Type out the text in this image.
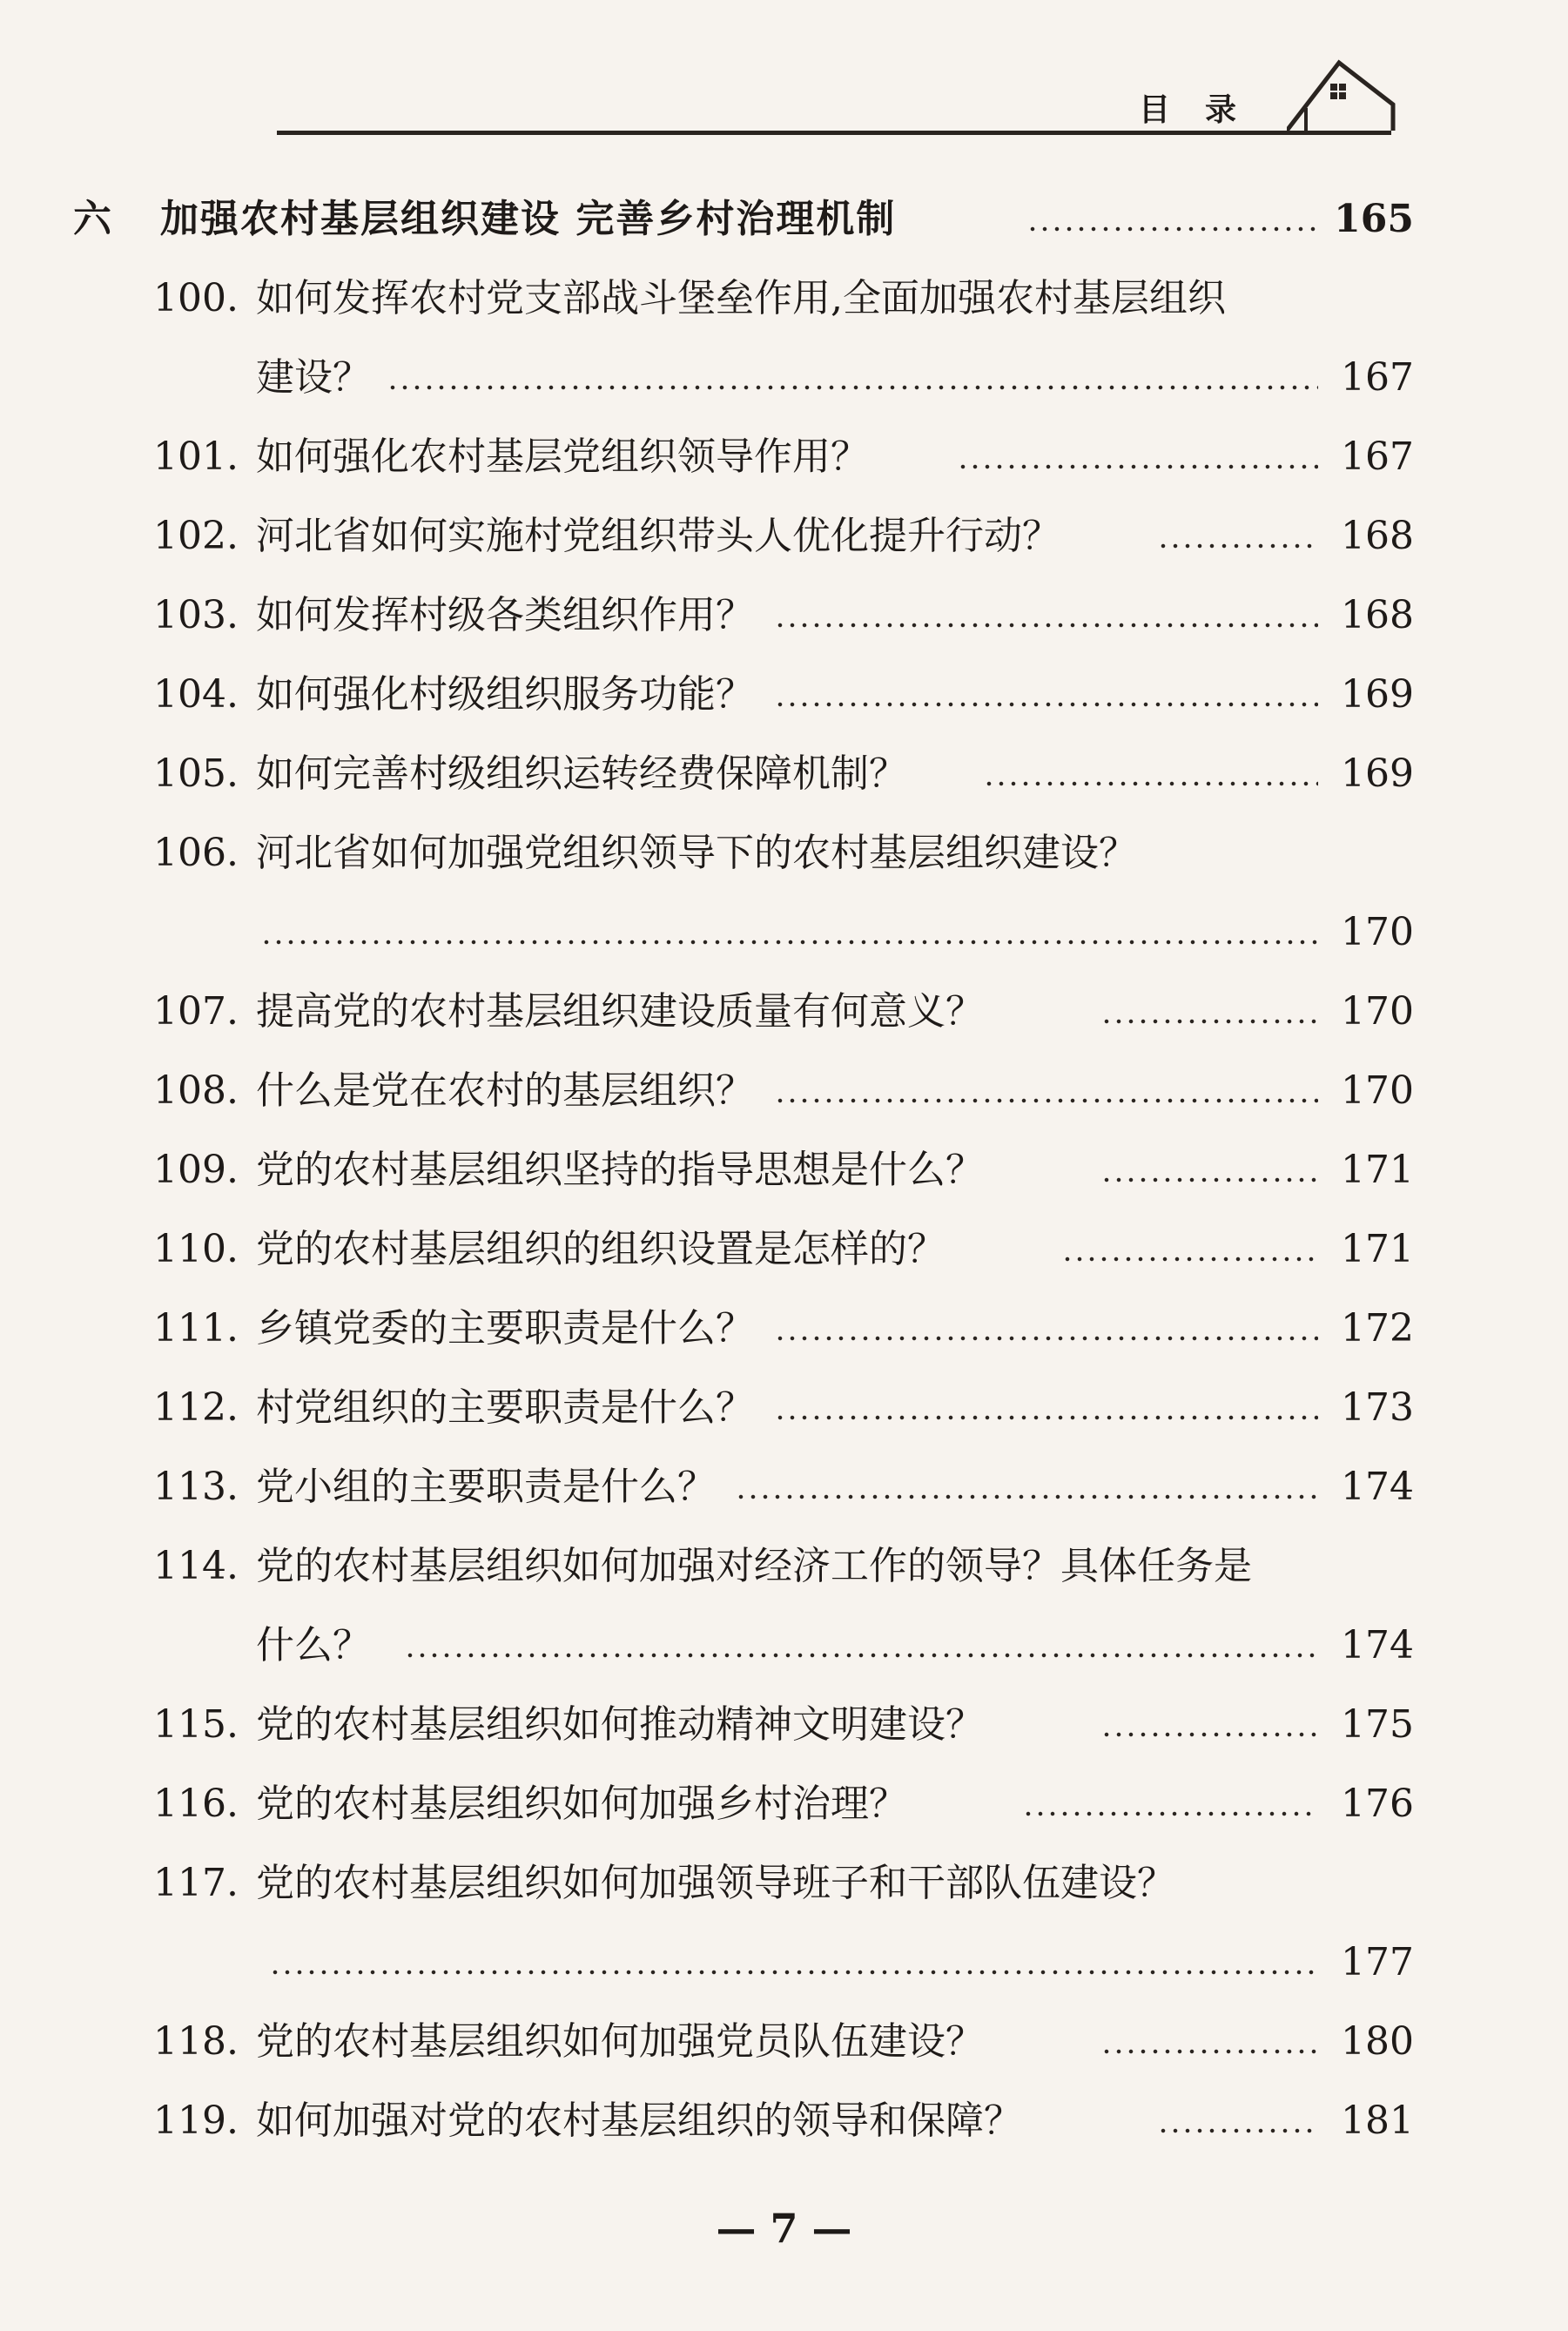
目录
六 加强农村基层组织建设 完善乡村治理机制	165
100. 如何发挥农村党支部战斗堡垒作用,全面加强农村基层组织
建设？	167
101. 如何强化农村基层党组织领导作用？	167
102. 河北省如何实施村党组织带头人优化提升行动？	168
103. 如何发挥村级各类组织作用？	168
104. 如何强化村级组织服务功能？	169
105. 如何完善村级组织运转经费保障机制？	169
106. 河北省如何加强党组织领导下的农村基层组织建设？
170
107. 提高党的农村基层组织建设质量有何意义？	170
108. 什么是党在农村的基层组织？	170
109. 党的农村基层组织坚持的指导思想是什么？	171
110. 党的农村基层组织的组织设置是怎样的？	171
111. 乡镇党委的主要职责是什么？	172
112. 村党组织的主要职责是什么？	173
113. 党小组的主要职责是什么？	174
114. 党的农村基层组织如何加强对经济工作的领导？具体任务是
什么？	174
115. 党的农村基层组织如何推动精神文明建设？	175
116. 党的农村基层组织如何加强乡村治理？	176
117. 党的农村基层组织如何加强领导班子和干部队伍建设？
177
118. 党的农村基层组织如何加强党员队伍建设？	180
119. 如何加强对党的农村基层组织的领导和保障？	181
— 7 —
